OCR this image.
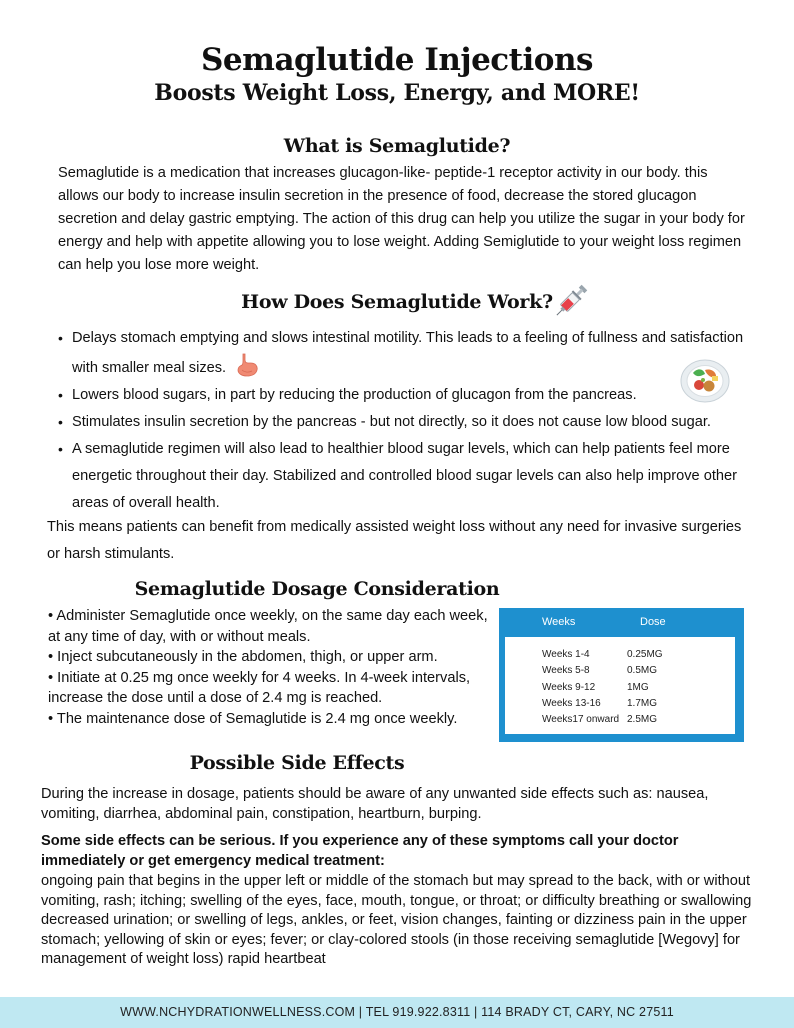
Semaglutide Injections
Boosts Weight Loss, Energy, and MORE!
What is Semaglutide?
Semaglutide is a medication that increases glucagon-like- peptide-1 receptor activity in our body. this allows our body to increase insulin secretion in the presence of food, decrease the stored glucagon secretion and delay gastric emptying. The action of this drug can help you utilize the sugar in your body for energy and help with appetite allowing you to lose weight. Adding Semiglutide to your weight loss regimen can help you lose more weight.
How Does Semaglutide Work?
• Delays stomach emptying and slows intestinal motility. This leads to a feeling of fullness and satisfaction with smaller meal sizes.
• Lowers blood sugars, in part by reducing the production of glucagon from the pancreas.
• Stimulates insulin secretion by the pancreas - but not directly, so it does not cause low blood sugar.
• A semaglutide regimen will also lead to healthier blood sugar levels, which can help patients feel more energetic throughout their day. Stabilized and controlled blood sugar levels can also help improve other areas of overall health.
This means patients can benefit from medically assisted weight loss without any need for invasive surgeries or harsh stimulants.
Semaglutide Dosage Consideration
• Administer Semaglutide once weekly, on the same day each week, at any time of day, with or without meals.
• Inject subcutaneously in the abdomen, thigh, or upper arm.
• Initiate at 0.25 mg once weekly for 4 weeks. In 4-week intervals, increase the dose until a dose of 2.4 mg is reached.
• The maintenance dose of Semaglutide is 2.4 mg once weekly.
Weeks	Dose
Weeks 1-4	0.25MG
Weeks 5-8	0.5MG
Weeks 9-12	1MG
Weeks 13-16	1.7MG
Weeks17 onward 2.5MG
Possible Side Effects
During the increase in dosage, patients should be aware of any unwanted side effects such as: nausea, vomiting, diarrhea, abdominal pain, constipation, heartburn, burping.
Some side effects can be serious. If you experience any of these symptoms call your doctor immediately or get emergency medical treatment:
ongoing pain that begins in the upper left or middle of the stomach but may spread to the back, with or without vomiting, rash; itching; swelling of the eyes, face, mouth, tongue, or throat; or difficulty breathing or swallowing decreased urination; or swelling of legs, ankles, or feet, vision changes, fainting or dizziness pain in the upper stomach; yellowing of skin or eyes; fever; or clay-colored stools (in those receiving semaglutide [Wegovy] for management of weight loss) rapid heartbeat
WWW.NCHYDRATIONWELLNESS.COM | TEL 919.922.8311 | 114 BRADY CT, CARY, NC 27511
